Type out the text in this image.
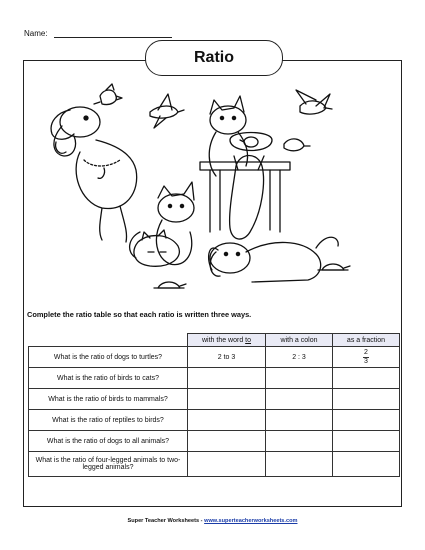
Name:
Ratio
Complete the ratio table so that each ratio is written three ways.
	with the word to	with a colon	as a fraction
What is the ratio of dogs to turtles?	2 to 3	2 : 3	$\frac{2}{3}$

What is the ratio of birds to cats?			
What is the ratio of birds to mammals?			
What is the ratio of reptiles to birds?			
What is the ratio of dogs to all animals?			
What is the ratio of four-legged animals to two-legged animals?			
Super Teacher Worksheets - www.superteacherworksheets.com
